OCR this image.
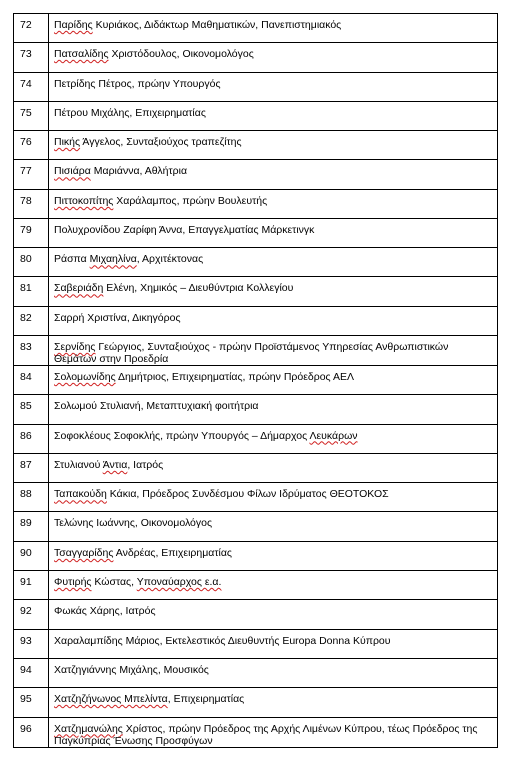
72	Παρίδης Κυριάκος, Διδάκτωρ Μαθηματικών, Πανεπιστημιακός
73	Πατσαλίδης Χριστόδουλος, Οικονομολόγος
74	Πετρίδης Πέτρος, πρώην Υπουργός
75	Πέτρου Μιχάλης, Επιχειρηματίας
76	Πικής Άγγελος, Συνταξιούχος τραπεζίτης
77	Πισιάρα Μαριάννα, Αθλήτρια
78	Πιττοκοπίτης Χαράλαμπος, πρώην Βουλευτής
79	Πολυχρονίδου Ζαρίφη Άννα, Επαγγελματίας Μάρκετινγκ
80	Ράσπα Μιχαηλίνα, Αρχιτέκτονας
81	Σαβεριάδη Ελένη, Χημικός – Διευθύντρια Κολλεγίου
82	Σαρρή Χριστίνα, Δικηγόρος
83	Σερνίδης Γεώργιος, Συνταξιούχος - πρώην Προϊστάμενος Υπηρεσίας Ανθρωπιστικών Θεμάτων στην Προεδρία
84	Σολομωνίδης Δημήτριος, Επιχειρηματίας, πρώην Πρόεδρος ΑΕΛ
85	Σολωμού Στυλιανή, Μεταπτυχιακή φοιτήτρια
86	Σοφοκλέους Σοφοκλής, πρώην Υπουργός – Δήμαρχος Λευκάρων
87	Στυλιανού Άντια, Ιατρός
88	Ταπακούδη Κάκια, Πρόεδρος Συνδέσμου Φίλων Ιδρύματος ΘΕΟΤΟΚΟΣ
89	Τελώνης Ιωάννης, Οικονομολόγος
90	Τσαγγαρίδης Ανδρέας, Επιχειρηματίας
91	Φυτιρής Κώστας, Υποναύαρχος ε.α.
92	Φωκάς Χάρης, Ιατρός
93	Χαραλαμπίδης Μάριος, Εκτελεστικός Διευθυντής Europa Donna Κύπρου
94	Χατζηγιάννης Μιχάλης, Μουσικός
95	Χατζηζήνωνος Μπελίντα, Επιχειρηματίας
96	Χατζημανώλης Χρίστος, πρώην Πρόεδρος της Αρχής Λιμένων Κύπρου, τέως Πρόεδρος της Παγκύπριας Ένωσης Προσφύγων
